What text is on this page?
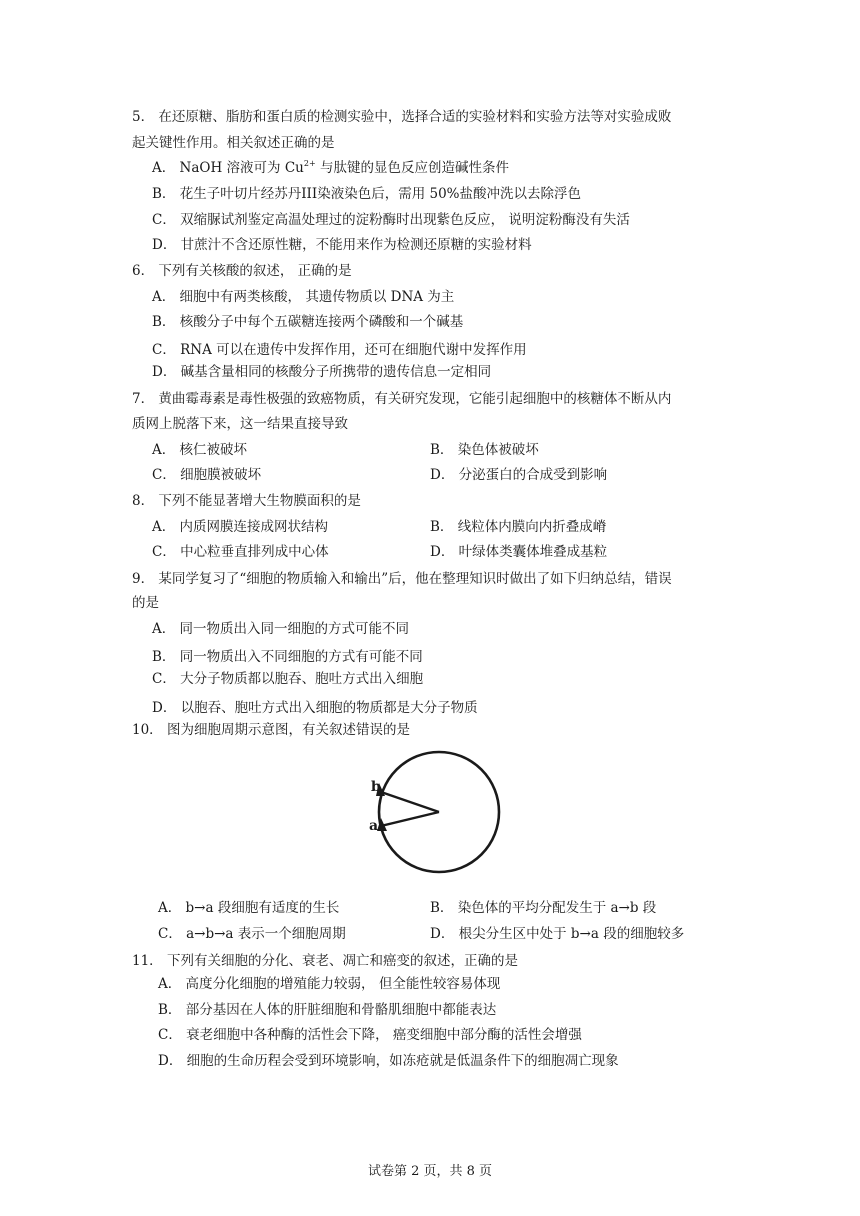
5． 在还原糖、脂肪和蛋白质的检测实验中，选择合适的实验材料和实验方法等对实验成败
起关键性作用。相关叙述正确的是
A． NaOH 溶液可为 $Cu^{2+}$ 与肽键的显色反应创造碱性条件
B． 花生子叶切片经苏丹III染液染色后，需用 50%盐酸冲洗以去除浮色
C． 双缩脲试剂鉴定高温处理过的淀粉酶时出现紫色反应， 说明淀粉酶没有失活
D． 甘蔗汁不含还原性糖，不能用来作为检测还原糖的实验材料
6． 下列有关核酸的叙述， 正确的是
A． 细胞中有两类核酸， 其遗传物质以 DNA 为主
B． 核酸分子中每个五碳糖连接两个磷酸和一个碱基
C． RNA 可以在遗传中发挥作用，还可在细胞代谢中发挥作用
D． 碱基含量相同的核酸分子所携带的遗传信息一定相同
7． 黄曲霉毒素是毒性极强的致癌物质，有关研究发现，它能引起细胞中的核糖体不断从内
质网上脱落下来，这一结果直接导致
A． 核仁被破坏	B． 染色体被破坏
C． 细胞膜被破坏	D． 分泌蛋白的合成受到影响
8． 下列不能显著增大生物膜面积的是
A． 内质网膜连接成网状结构	B． 线粒体内膜向内折叠成嵴
C． 中心粒垂直排列成中心体	D． 叶绿体类囊体堆叠成基粒
9． 某同学复习了“细胞的物质输入和输出”后，他在整理知识时做出了如下归纳总结，错误
的是
A． 同一物质出入同一细胞的方式可能不同
B． 同一物质出入不同细胞的方式有可能不同
C． 大分子物质都以胞吞、胞吐方式出入细胞
D． 以胞吞、胞吐方式出入细胞的物质都是大分子物质
10． 图为细胞周期示意图，有关叙述错误的是
b
a
A． b→a 段细胞有适度的生长	B． 染色体的平均分配发生于 a→b 段
C． a→b→a 表示一个细胞周期	D． 根尖分生区中处于 b→a 段的细胞较多
11． 下列有关细胞的分化、衰老、凋亡和癌变的叙述，正确的是
A． 高度分化细胞的增殖能力较弱， 但全能性较容易体现
B． 部分基因在人体的肝脏细胞和骨骼肌细胞中都能表达
C． 衰老细胞中各种酶的活性会下降， 癌变细胞中部分酶的活性会增强
D． 细胞的生命历程会受到环境影响，如冻疮就是低温条件下的细胞凋亡现象
试卷第 2 页，共 8 页
